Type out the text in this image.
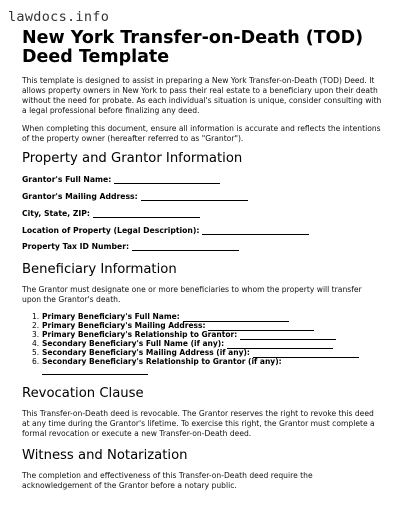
lawdocs.info
New York Transfer-on-Death (TOD) Deed Template
This template is designed to assist in preparing a New York Transfer-on-Death (TOD) Deed. It allows property owners in New York to pass their real estate to a beneficiary upon their death without the need for probate. As each individual's situation is unique, consider consulting with a legal professional before finalizing any deed.
When completing this document, ensure all information is accurate and reflects the intentions of the property owner (hereafter referred to as "Grantor").
Property and Grantor Information
Grantor's Full Name:
Grantor's Mailing Address:
City, State, ZIP:
Location of Property (Legal Description):
Property Tax ID Number:
Beneficiary Information
The Grantor must designate one or more beneficiaries to whom the property will transfer upon the Grantor's death.
1. Primary Beneficiary's Full Name:
2. Primary Beneficiary's Mailing Address:
3. Primary Beneficiary's Relationship to Grantor:
4. Secondary Beneficiary's Full Name (if any):
5. Secondary Beneficiary's Mailing Address (if any):
6. Secondary Beneficiary's Relationship to Grantor (if any):
Revocation Clause
This Transfer-on-Death deed is revocable. The Grantor reserves the right to revoke this deed at any time during the Grantor's lifetime. To exercise this right, the Grantor must complete a formal revocation or execute a new Transfer-on-Death deed.
Witness and Notarization
The completion and effectiveness of this Transfer-on-Death deed require the acknowledgement of the Grantor before a notary public.
